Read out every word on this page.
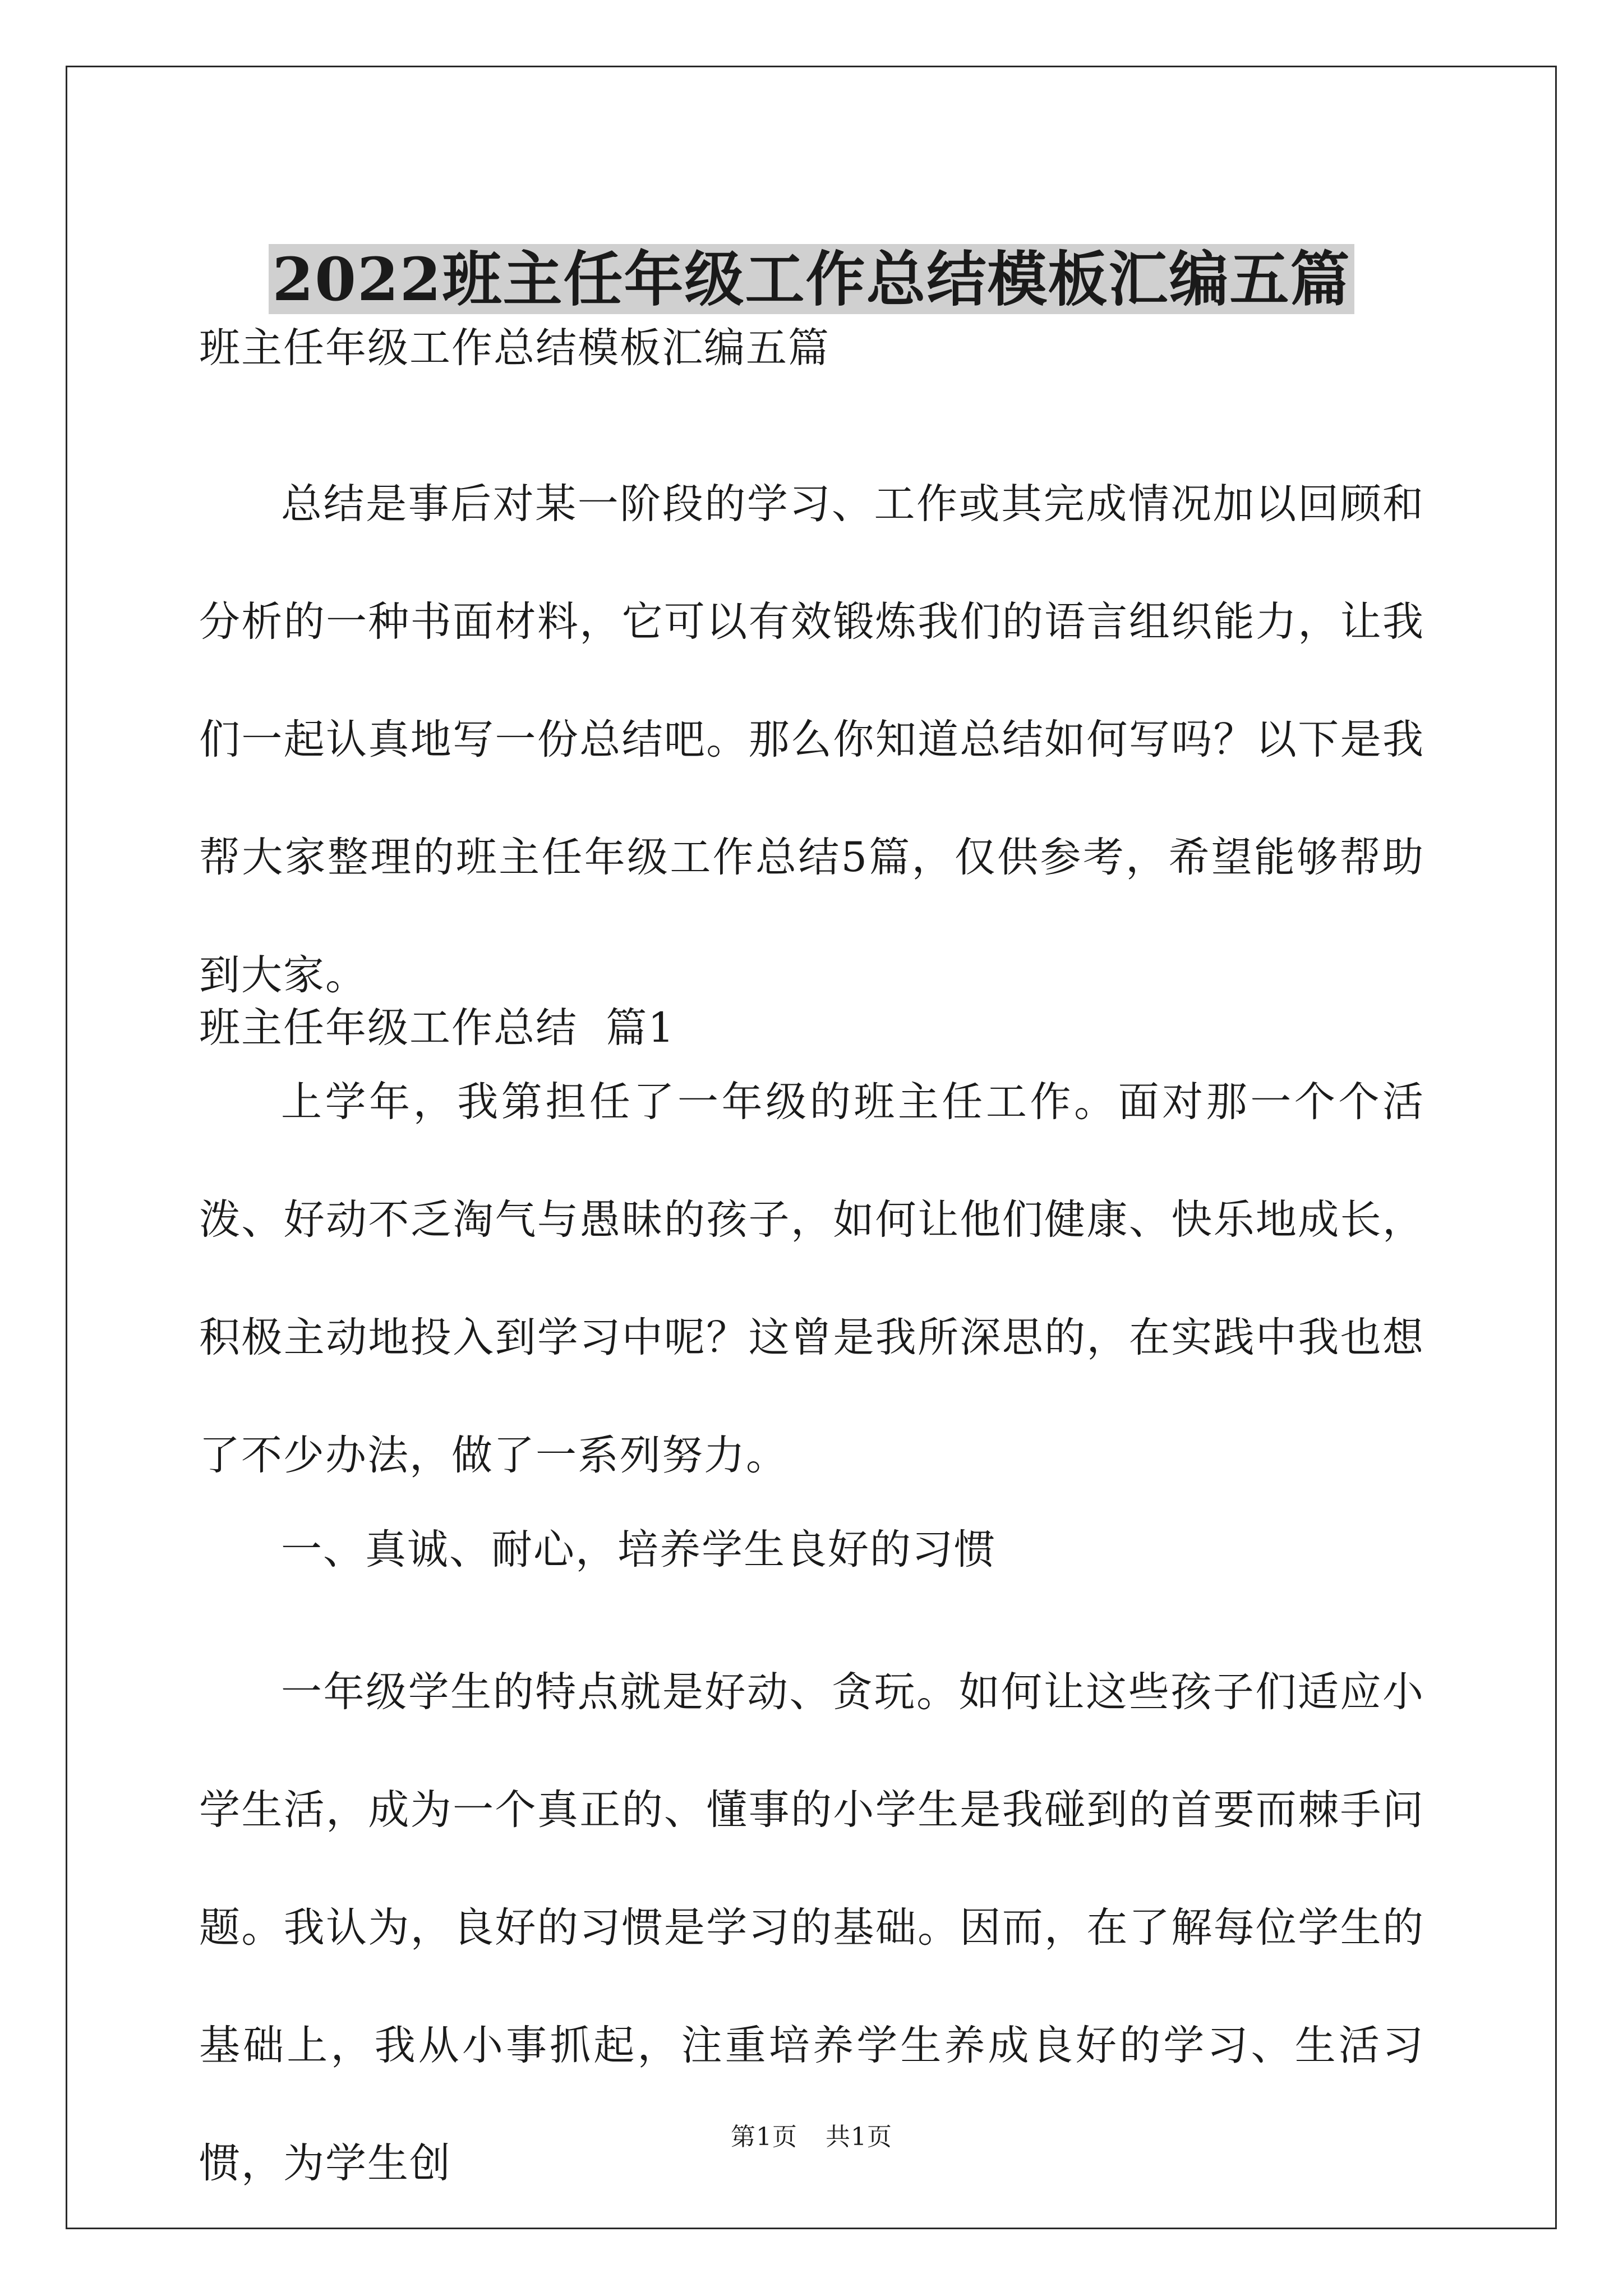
2022班主任年级工作总结模板汇编五篇

班主任年级工作总结模板汇编五篇

总结是事后对某一阶段的学习、工作或其完成情况加以回顾和分析的一种书面材料，它可以有效锻炼我们的语言组织能力，让我们一起认真地写一份总结吧。那么你知道总结如何写吗？以下是我帮大家整理的班主任年级工作总结5篇，仅供参考，希望能够帮助到大家。

班主任年级工作总结  篇1

上学年，我第担任了一年级的班主任工作。面对那一个个活泼、好动不乏淘气与愚昧的孩子，如何让他们健康、快乐地成长，积极主动地投入到学习中呢？这曾是我所深思的，在实践中我也想了不少办法，做了一系列努力。

一、真诚、耐心，培养学生良好的习惯

一年级学生的特点就是好动、贪玩。如何让这些孩子们适应小学生活，成为一个真正的、懂事的小学生是我碰到的首要而棘手问题。我认为，良好的习惯是学习的基础。因而，在了解每位学生的基础上，我从小事抓起，注重培养学生养成良好的学习、生活习惯，为学生创

第1页 共1页
